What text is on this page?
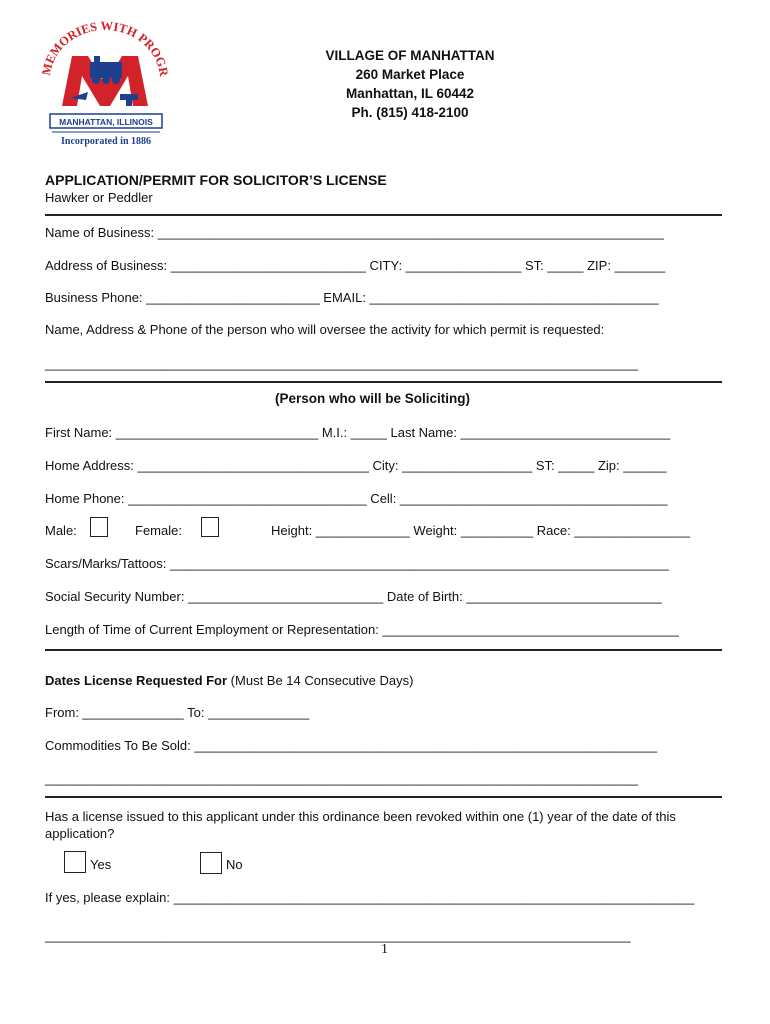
MEMORIES WITH PROGR
MANHATTAN, ILLINOIS
Incorporated in 1886
VILLAGE OF MANHATTAN
260 Market Place
Manhattan, IL 60442
Ph. (815) 418-2100
APPLICATION/PERMIT FOR SOLICITOR’S LICENSE
Hawker or Peddler
Name of Business: ______________________________________________________________________
Address of Business: ___________________________ CITY: ________________ ST: _____ ZIP: _______
Business Phone: ________________________ EMAIL: ________________________________________
Name, Address & Phone of the person who will oversee the activity for which permit is requested:
__________________________________________________________________________________
(Person who will be Soliciting)
First Name: ____________________________ M.I.: _____ Last Name: _____________________________
Home Address: ________________________________ City: __________________ ST: _____ Zip: ______
Home Phone: _________________________________ Cell: _____________________________________
Male:	Female:	Height: _____________ Weight: __________ Race: ________________
Scars/Marks/Tattoos: _____________________________________________________________________
Social Security Number: ___________________________ Date of Birth: ___________________________
Length of Time of Current Employment or Representation: _________________________________________
Dates License Requested For (Must Be 14 Consecutive Days)
From: ______________ To: ______________
Commodities To Be Sold: ________________________________________________________________
__________________________________________________________________________________
Has a license issued to this applicant under this ordinance been revoked within one (1) year of the date of this
application?
Yes	No
If yes, please explain: ________________________________________________________________________
_________________________________________________________________________________
1
